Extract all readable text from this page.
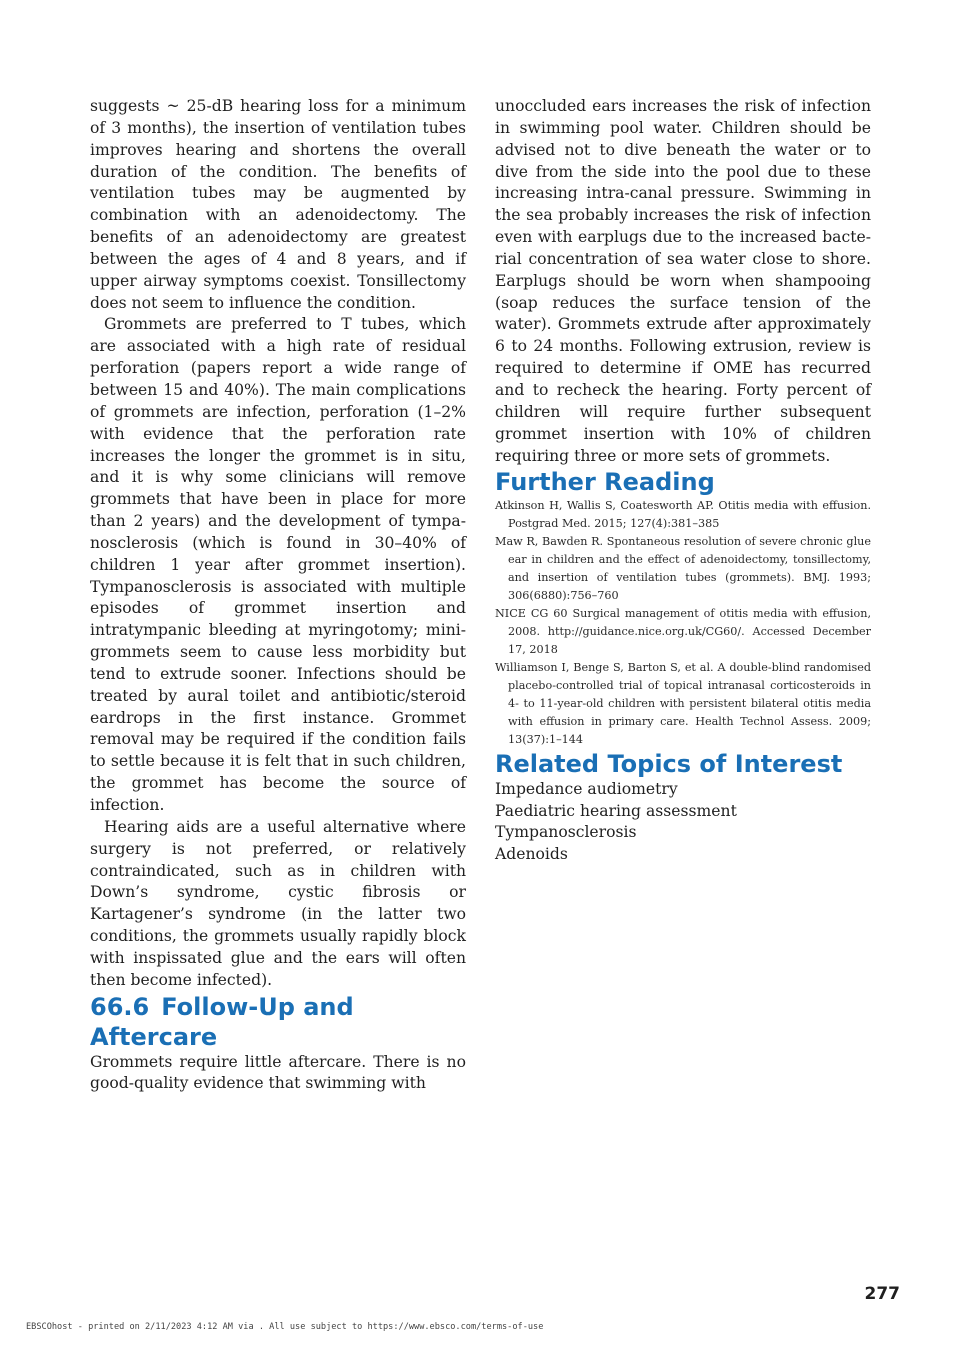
suggests ~ 25-dB hearing loss for a minimum of 3 months), the insertion of ventilation tubes improves hearing and shortens the overall duration of the condition. The benefits of ventilation tubes may be augmented by combination with an adenoidectomy. The benefits of an adenoidectomy are greatest between the ages of 4 and 8 years, and if upper airway symptoms coexist. Tonsillectomy does not seem to influence the condition.

Grommets are preferred to T tubes, which are associated with a high rate of residual perforation (papers report a wide range of between 15 and 40%). The main complications of grommets are infection, perforation (1–2% with evidence that the perforation rate increases the longer the grommet is in situ, and it is why some clinicians will remove grommets that have been in place for more than 2 years) and the development of tympanosclerosis (which is found in 30–40% of children 1 year after grommet insertion). Tympanosclerosis is associated with multiple episodes of grommet insertion and intratympanic bleeding at myringotomy; mini-grommets seem to cause less morbidity but tend to extrude sooner. Infections should be treated by aural toilet and antibiotic/steroid eardrops in the first instance. Grommet removal may be required if the condition fails to settle because it is felt that in such children, the grommet has become the source of infection.

Hearing aids are a useful alternative where surgery is not preferred, or relatively contraindicated, such as in children with Down’s syndrome, cystic fibrosis or Kartagener’s syndrome (in the latter two conditions, the grommets usually rapidly block with inspissated glue and the ears will often then become infected).

66.6 Follow-Up and Aftercare

Grommets require little aftercare. There is no good-quality evidence that swimming with

unoccluded ears increases the risk of infection in swimming pool water. Children should be advised not to dive beneath the water or to dive from the side into the pool due to these increasing intra-canal pressure. Swimming in the sea probably increases the risk of infection even with earplugs due to the increased bacterial concentration of sea water close to shore. Earplugs should be worn when shampooing (soap reduces the surface tension of the water). Grommets extrude after approximately 6 to 24 months. Following extrusion, review is required to determine if OME has recurred and to recheck the hearing. Forty percent of children will require further subsequent grommet insertion with 10% of children requiring three or more sets of grommets.

Further Reading

Atkinson H, Wallis S, Coatesworth AP. Otitis media with effusion. Postgrad Med. 2015; 127(4):381–385

Maw R, Bawden R. Spontaneous resolution of severe chronic glue ear in children and the effect of adenoidectomy, tonsillectomy, and insertion of ventilation tubes (grommets). BMJ. 1993; 306(6880):756–760

NICE CG 60 Surgical management of otitis media with effusion, 2008. http://guidance.nice.org.uk/CG60/. Accessed December 17, 2018

Williamson I, Benge S, Barton S, et al. A double-blind randomised placebo-controlled trial of topical intranasal corticosteroids in 4- to 11-year-old children with persistent bilateral otitis media with effusion in primary care. Health Technol Assess. 2009; 13(37):1–144

Related Topics of Interest

Impedance audiometry

Paediatric hearing assessment

Tympanosclerosis

Adenoids

277
EBSCOhost - printed on 2/11/2023 4:12 AM via . All use subject to https://www.ebsco.com/terms-of-use
